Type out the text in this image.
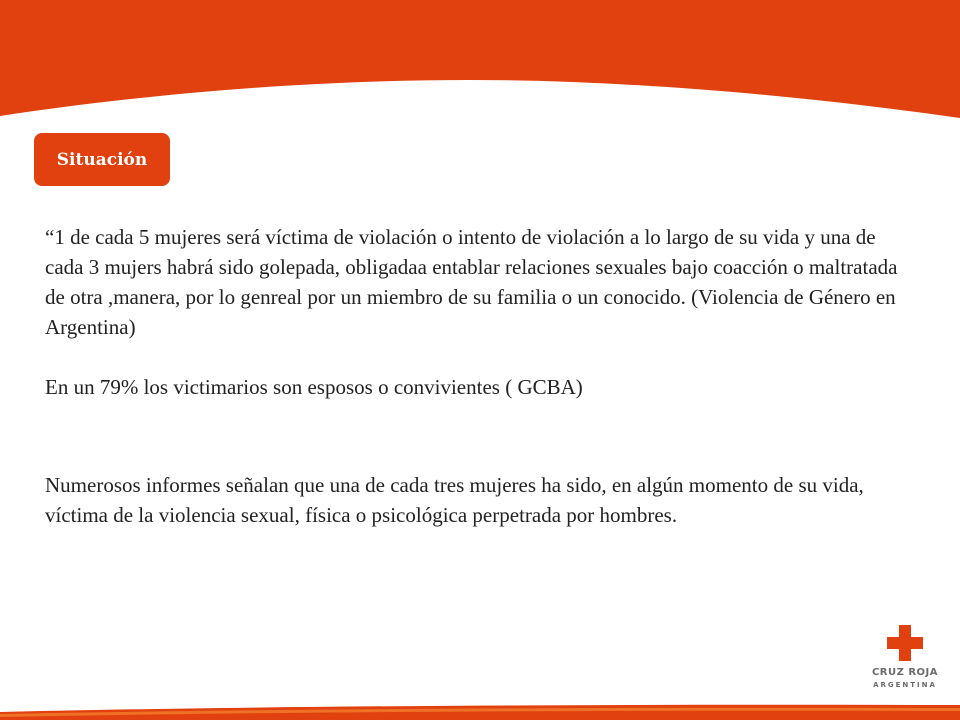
Situación

“1 de cada 5 mujeres será víctima de violación o intento de violación a lo largo de su vida y una de cada 3 mujers habrá sido golepada, obligadaa entablar relaciones sexuales bajo coacción o maltratada de otra ,manera, por lo genreal por un miembro de su familia o un conocido. (Violencia de Género en Argentina)

En un 79% los victimarios son esposos o convivientes ( GCBA)

Numerosos informes señalan que una de cada tres mujeres ha sido, en algún momento de su vida, víctima de la violencia sexual, física o psicológica perpetrada por hombres.

CRUZ ROJA
ARGENTINA
